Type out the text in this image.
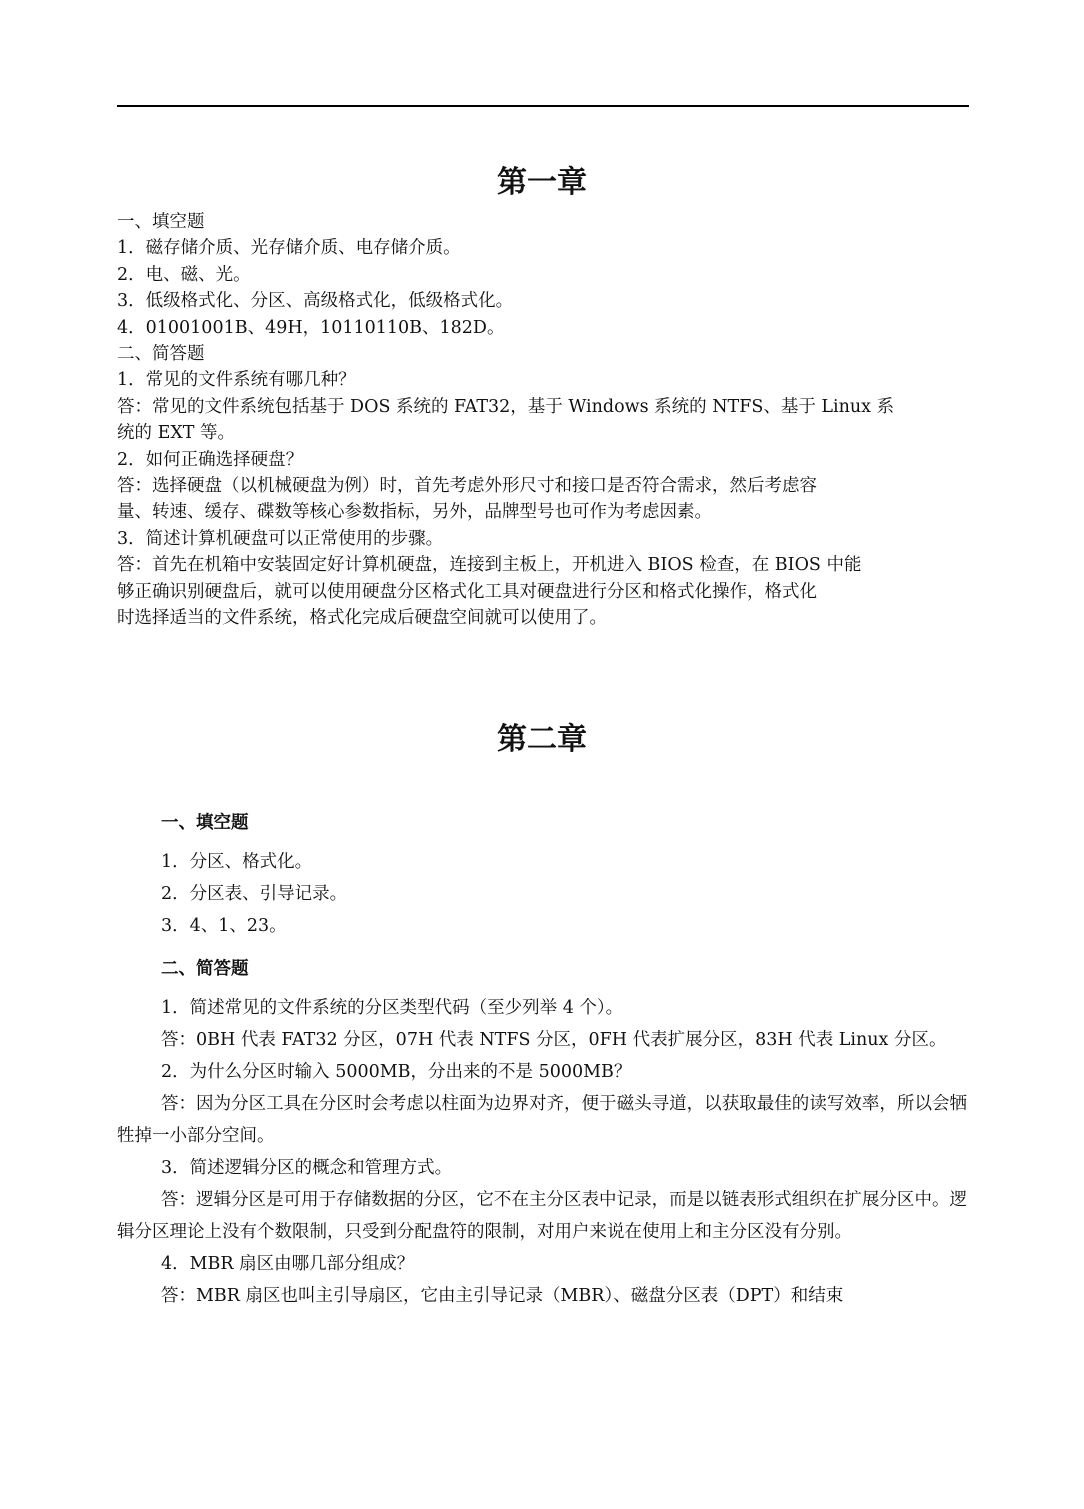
第一章

一、填空题

1．磁存储介质、光存储介质、电存储介质。

2．电、磁、光。

3．低级格式化、分区、高级格式化，低级格式化。

4．01001001B、49H，10110110B、182D。

二、简答题

1．常见的文件系统有哪几种？

答：常见的文件系统包括基于 DOS 系统的 FAT32，基于 Windows 系统的 NTFS、基于 Linux 系

统的 EXT 等。

2．如何正确选择硬盘？

答：选择硬盘（以机械硬盘为例）时，首先考虑外形尺寸和接口是否符合需求，然后考虑容

量、转速、缓存、碟数等核心参数指标，另外，品牌型号也可作为考虑因素。

3．简述计算机硬盘可以正常使用的步骤。

答：首先在机箱中安装固定好计算机硬盘，连接到主板上，开机进入 BIOS 检查，在 BIOS 中能

够正确识别硬盘后，就可以使用硬盘分区格式化工具对硬盘进行分区和格式化操作，格式化

时选择适当的文件系统，格式化完成后硬盘空间就可以使用了。

第二章

一、填空题

1．分区、格式化。

2．分区表、引导记录。

3．4、1、23。

二、简答题

1．简述常见的文件系统的分区类型代码（至少列举 4 个）。

答：0BH 代表 FAT32 分区，07H 代表 NTFS 分区，0FH 代表扩展分区，83H 代表 Linux 分区。

2．为什么分区时输入 5000MB，分出来的不是 5000MB？

答：因为分区工具在分区时会考虑以柱面为边界对齐，便于磁头寻道，以获取最佳的读写效率，所以会牺牲掉一小部分空间。

3．简述逻辑分区的概念和管理方式。

答：逻辑分区是可用于存储数据的分区，它不在主分区表中记录，而是以链表形式组织在扩展分区中。逻辑分区理论上没有个数限制，只受到分配盘符的限制，对用户来说在使用上和主分区没有分别。

4．MBR 扇区由哪几部分组成？

答：MBR 扇区也叫主引导扇区，它由主引导记录（MBR）、磁盘分区表（DPT）和结束
